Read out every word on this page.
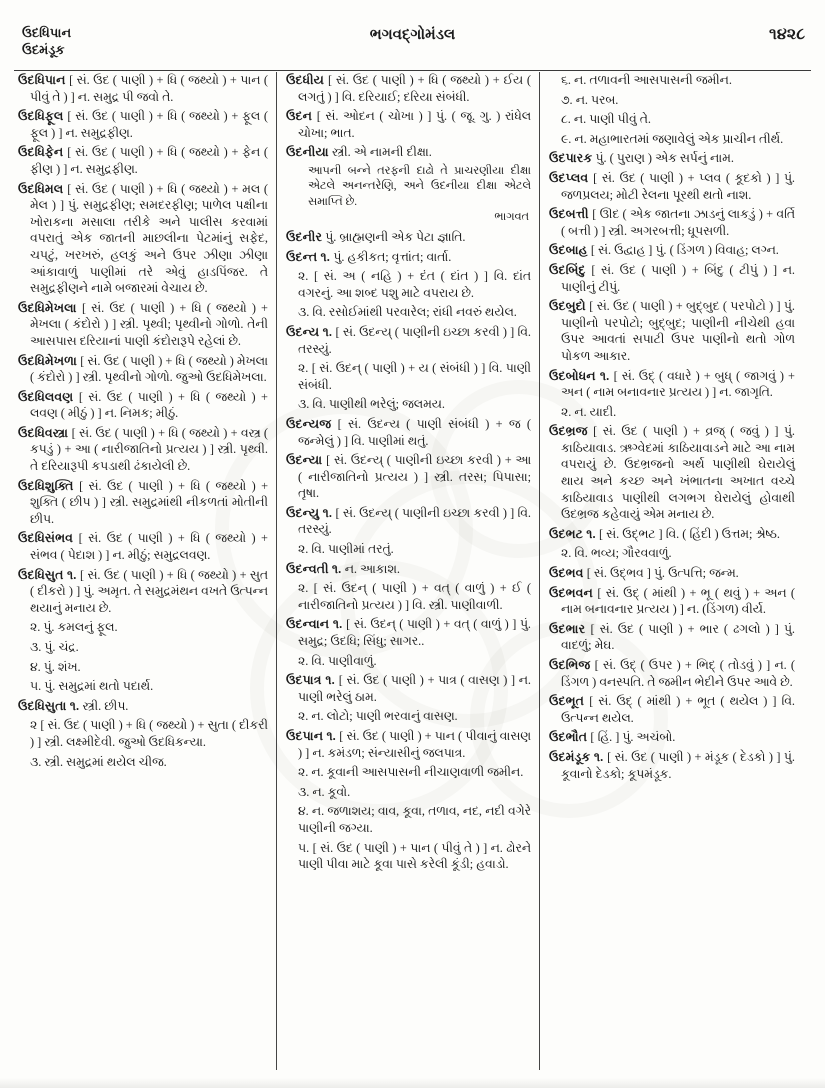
ઉદધિપાન
ઉદમંડૂક
ભગવદ્ગોમંડલ	૧૪૨૮

ઉદધિપાન [ સં. ઉદ ( પાણી ) + ધિ ( જથ્યો ) + પાન ( પીવું તે ) ] ન. સમુદ્ર પી જવો તે.

ઉદધિફૂલ [ સં. ઉદ ( પાણી ) + ધિ ( જથ્યો ) + ફૂલ ( ફૂલ ) ] ન. સમુદ્રફીણ.

ઉદધિફેન [ સં. ઉદ ( પાણી ) + ધિ ( જથ્યો ) + ફેન ( ફીણ ) ] ન. સમુદ્રફીણ.

ઉદધિમલ [ સં. ઉદ ( પાણી ) + ધિ ( જથ્યો ) + મલ ( મેલ ) ] પું. સમુદ્રફીણ; સમદરફીણ; પાળેલ પક્ષીના ખોરાકના મસાલા તરીકે અને પાલીસ કરવામાં વપરાતું એક જાતની માછલીના પેટમાંનું સફેદ, ચપટું, ખરખરું, હલકું અને ઉપર ઝીણા ઝીણા આંકાવાળું પાણીમાં તરે એવું હાડપિંજર. તે સમુદ્રફીણને નામે બજારમાં વેચાય છે.

ઉદધિમેખલા [ સં. ઉદ ( પાણી ) + ધિ ( જથ્યો ) + મેખલા ( કંદોરો ) ] સ્ત્રી. પૃથ્વી; પૃથ્વીનો ગોળો. તેની આસપાસ દરિયાનાં પાણી કંદોરારૂપે રહેલાં છે.

ઉદધિમેખળા [ સં. ઉદ ( પાણી ) + ધિ ( જથ્યો ) મેખલા ( કંદોરો ) ] સ્ત્રી. પૃથ્વીનો ગોળો. જુઓ ઉદધિમેખલા.

ઉદધિલવણ [ સં. ઉદ ( પાણી ) + ધિ ( જથ્યો ) + લવણ ( મીઠું ) ] ન. નિમક; મીઠું.

ઉદધિવસ્ત્રા [ સં. ઉદ ( પાણી ) + ધિ ( જથ્યો ) + વસ્ત્ર ( કપડું ) + આ ( નારીજાતિનો પ્રત્યય ) ] સ્ત્રી. પૃથ્વી. તે દરિયારૂપી કપડાથી ઢંકાયેલી છે.

ઉદધિશુક્તિ [ સં. ઉદ ( પાણી ) + ધિ ( જથ્યો ) + શુક્તિ ( છીપ ) ] સ્ત્રી. સમુદ્રમાંથી નીકળતાં મોતીની છીપ.

ઉદધિસંભવ [ સં. ઉદ ( પાણી ) + ધિ ( જથ્યો ) + સંભવ ( પેદાશ ) ] ન. મીઠું; સમુદ્રલવણ.

ઉદધિસુત ૧. [ સં. ઉદ ( પાણી ) + ધિ ( જથ્યો ) + સુત ( દીકરો ) ] પું. અમૃત. તે સમુદ્રમંથન વખતે ઉત્પન્ન થયાનું મનાય છે.

૨. પું. કમલનું ફૂલ.

૩. પું. ચંદ્ર.

૪. પું. શંખ.

૫. પું. સમુદ્રમાં થતો પદાર્થ.

ઉદધિસુતા ૧. સ્ત્રી. છીપ.

૨ [ સં. ઉદ ( પાણી ) + ધિ ( જથ્યો ) + સુતા ( દીકરી ) ] સ્ત્રી. લક્ષ્મીદેવી. જુઓ ઉદધિકન્યા.

૩. સ્ત્રી. સમુદ્રમાં થયેલ ચીજ.

ઉદધીય [ સં. ઉદ ( પાણી ) + ધિ ( જથ્યો ) + ઈય ( લગતું ) ] વિ. દરિયાઈ; દરિયા સંબંધી.

ઉદન [ સં. ઓદન ( ચોખા ) ] પું. ( જૂ. ગુ. ) રાંધેલ ચોખા; ભાત.

ઉદનીયા સ્ત્રી. એ નામની દીક્ષા.

આપની બન્ને તરફની દાઢો તે પ્રાચરણીયા દીક્ષા એટલે અનન્તરેણિ, અને ઉદનીયા દીક્ષા એટલે સમાપ્તિ છે.
ભાગવત

ઉદનીર પું. બ્રાહ્મણની એક પેટા જ્ઞાતિ.

ઉદન્ત ૧. પું. હકીકત; વૃત્તાંત; વાર્તા.

૨. [ સં. અ ( નહિ ) + દંત ( દાંત ) ] વિ. દાંત વગરનું. આ શબ્દ પશુ માટે વપરાય છે.

૩. વિ. રસોઈમાંથી પરવારેલ; રાંધી નવરું થયેલ.

ઉદન્ય ૧. [ સં. ઉદન્ય્ ( પાણીની ઇચ્છા કરવી ) ] વિ. તરસ્યું.

૨. [ સં. ઉદન્ ( પાણી ) + ય ( સંબંધી ) ] વિ. પાણી સંબંધી.

૩. વિ. પાણીથી ભરેલું; જલમય.

ઉદન્યજ [ સં. ઉદન્ય ( પાણી સંબંધી ) + જ ( જન્મેલું ) ] વિ. પાણીમાં થતું.

ઉદન્યા [ સં. ઉદન્ય્ ( પાણીની ઇચ્છા કરવી ) + આ ( નારીજાતિનો પ્રત્યય ) ] સ્ત્રી. તરસ; પિપાસા; તૃષા.

ઉદન્યુ ૧. [ સં. ઉદન્ય્ ( પાણીની ઇચ્છા કરવી ) ] વિ. તરસ્યું.

૨. વિ. પાણીમાં તરતું.

ઉદન્વતી ૧. ન. આકાશ.

૨. [ સં. ઉદન્ ( પાણી ) + વત્ ( વાળું ) + ઈ ( નારીજાતિનો પ્રત્યય ) ] વિ. સ્ત્રી. પાણીવાળી.

ઉદન્વાન ૧. [ સં. ઉદન્ ( પાણી ) + વત્ ( વાળું ) ] પું. સમુદ્ર; ઉદધિ; સિંધુ; સાગર..

૨. વિ. પાણીવાળું.

ઉદપાત્ર ૧. [ સં. ઉદ ( પાણી ) + પાત્ર ( વાસણ ) ] ન. પાણી ભરેલું ઠામ.

૨. ન. લોટો; પાણી ભરવાનું વાસણ.

ઉદપાન ૧. [ સં. ઉદ ( પાણી ) + પાન ( પીવાનું વાસણ ) ] ન. કમંડળ; સંન્યાસીનું જલપાત્ર.

૨. ન. કૂવાની આસપાસની નીચાણવાળી જમીન.

૩. ન. કૂવો.

૪. ન. જળાશય; વાવ, કૂવા, તળાવ, નદ, નદી વગેરે પાણીની જગ્યા.

૫. [ સં. ઉદ ( પાણી ) + પાન ( પીવું તે ) ] ન. ઢોરને પાણી પીવા માટે કૂવા પાસે કરેલી કૂંડી; હવાડો.

૬. ન. તળાવની આસપાસની જમીન.

૭. ન. પરબ.

૮. ન. પાણી પીવું તે.

૯. ન. મહાભારતમાં જણાવેલું એક પ્રાચીન તીર્થ.

ઉદપારક પું. ( પુરાણ ) એક સર્પનું નામ.

ઉદપ્લવ [ સં. ઉદ ( પાણી ) + પ્લવ ( કૂદકો ) ] પું. જળપ્રલય; મોટી રેલના પૂરથી થતો નાશ.

ઉદબત્તી [ ઊદ ( એક જાતના ઝાડનું લાકડું ) + વર્તિ ( બત્તી ) ] સ્ત્રી. અગરબત્તી; ધૂપસળી.

ઉદબાહ [ સં. ઉદ્વાહ ] પું. ( ડિંગળ ) વિવાહ; લગ્ન.

ઉદબિંદુ [ સં. ઉદ ( પાણી ) + બિંદુ ( ટીપું ) ] ન. પાણીનું ટીપું.

ઉદબુદો [ સં. ઉદ ( પાણી ) + બુદ્બુદ ( પરપોટો ) ] પું. પાણીનો પરપોટો; બુદ્બુદ; પાણીની નીચેથી હવા ઉપર આવતાં સપાટી ઉપર પાણીનો થતો ગોળ પોકળ આકાર.

ઉદબોધન ૧. [ સં. ઉદ્ ( વધારે ) + બુધ્ ( જાગવું ) + અન ( નામ બનાવનાર પ્રત્યય ) ] ન. જાગૃતિ.

૨. ન. યાદી.

ઉદભ્રજ [ સં. ઉદ ( પાણી ) + વ્રજ્ ( જવું ) ] પું. કાઠિયાવાડ. ઋગ્વેદમાં કાઠિયાવાડને માટે આ નામ વપરાયું છે. ઉદભ્રજનો અર્થ પાણીથી ઘેરાયેલું થાય અને કચ્છ અને ખંભાતના અખાત વચ્ચે કાઠિયાવાડ પાણીથી લગભગ ઘેરાયેલું હોવાથી ઉદભ્રજ કહેવાયું એમ મનાય છે.

ઉદભટ ૧. [ સં. ઉદ્ભટ ] વિ. ( હિંદી ) ઉત્તમ; શ્રેષ્ઠ.

૨. વિ. ભવ્ય; ગૌરવવાળું.

ઉદભવ [ સં. ઉદ્ભવ ] પું. ઉત્પત્તિ; જન્મ.

ઉદભવન [ સં. ઉદ્ ( માંથી ) + ભૂ ( થવું ) + અન ( નામ બનાવનાર પ્રત્યય ) ] ન. (ડિંગળ) વીર્ય.

ઉદભાર [ સં. ઉદ ( પાણી ) + ભાર ( ઢગલો ) ] પું. વાદળું; મેઘ.

ઉદભિજ [ સં. ઉદ્ ( ઉપર ) + ભિદ્ ( તોડવું ) ] ન. ( ડિંગળ ) વનસ્પતિ. તે જમીન ભેદીને ઉપર આવે છે.

ઉદભૂત [ સં. ઉદ્ ( માંથી ) + ભૂત ( થયેલ ) ] વિ. ઉત્પન્ન થયેલ.

ઉદભૌત [ હિં. ] પું. અચંબો.

ઉદમંડૂક ૧. [ સં. ઉદ ( પાણી ) + મંડૂક ( દેડકો ) ] પું. કૂવાનો દેડકો; કૂપમંડૂક.
